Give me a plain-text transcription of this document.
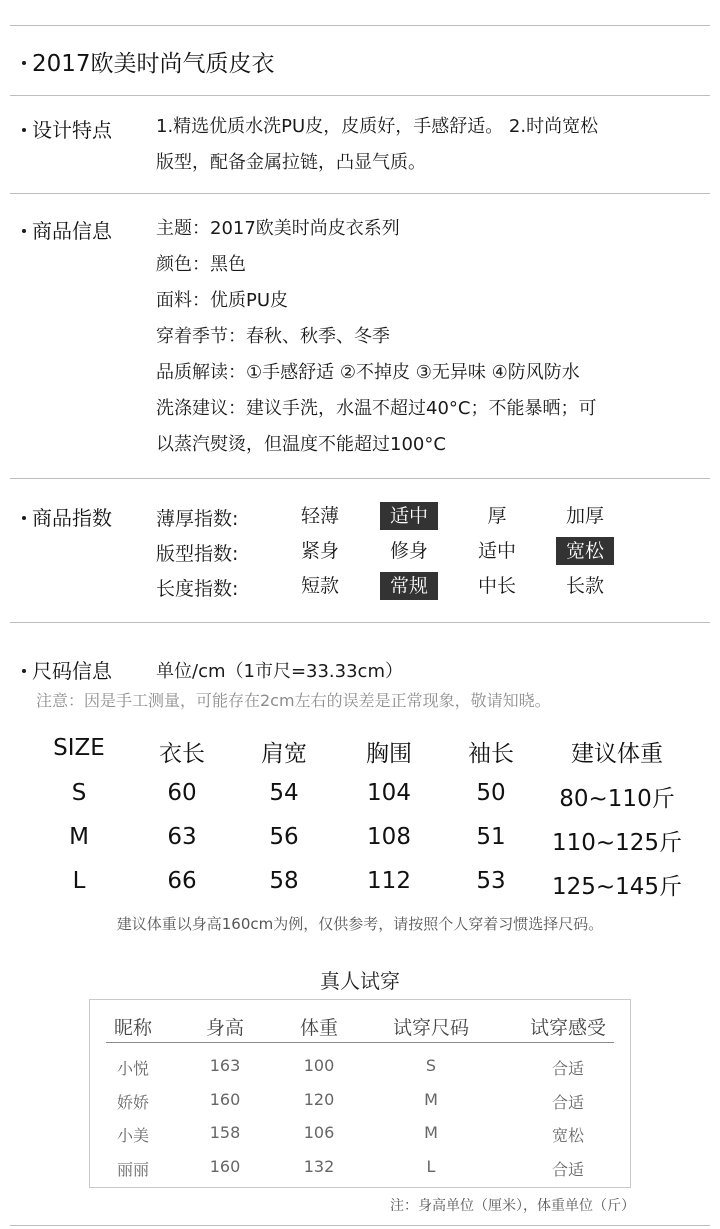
2017欧美时尚气质皮衣
设计特点 1.精选优质水洗PU皮，皮质好，手感舒适。 2.时尚宽松
版型，配备金属拉链，凸显气质。
商品信息 主题：2017欧美时尚皮衣系列
颜色：黑色
面料：优质PU皮
穿着季节：春秋、秋季、冬季
品质解读：①手感舒适 ②不掉皮 ③无异味 ④防风防水
洗涤建议：建议手洗，水温不超过40°C；不能暴晒；可
以蒸汽熨烫，但温度不能超过100°C
商品指数 薄厚指数:	轻薄	适中	厚	加厚
版型指数:	紧身	修身	适中	宽松
长度指数:	短款	常规	中长	长款
尺码信息 单位/cm（1市尺=33.33cm）
注意：因是手工测量，可能存在2cm左右的误差是正常现象，敬请知晓。
SIZE	衣长	肩宽	胸围	袖长	建议体重
S	60	54	104	50	80~110斤
M	63	56	108	51	110~125斤
L	66	58	112	53	125~145斤
建议体重以身高160cm为例，仅供参考，请按照个人穿着习惯选择尺码。
真人试穿
昵称	身高	体重	试穿尺码	试穿感受
小悦	163	100	S	合适
娇娇	160	120	M	合适
小美	158	106	M	宽松
丽丽	160	132	L	合适
注：身高单位（厘米），体重单位（斤）
